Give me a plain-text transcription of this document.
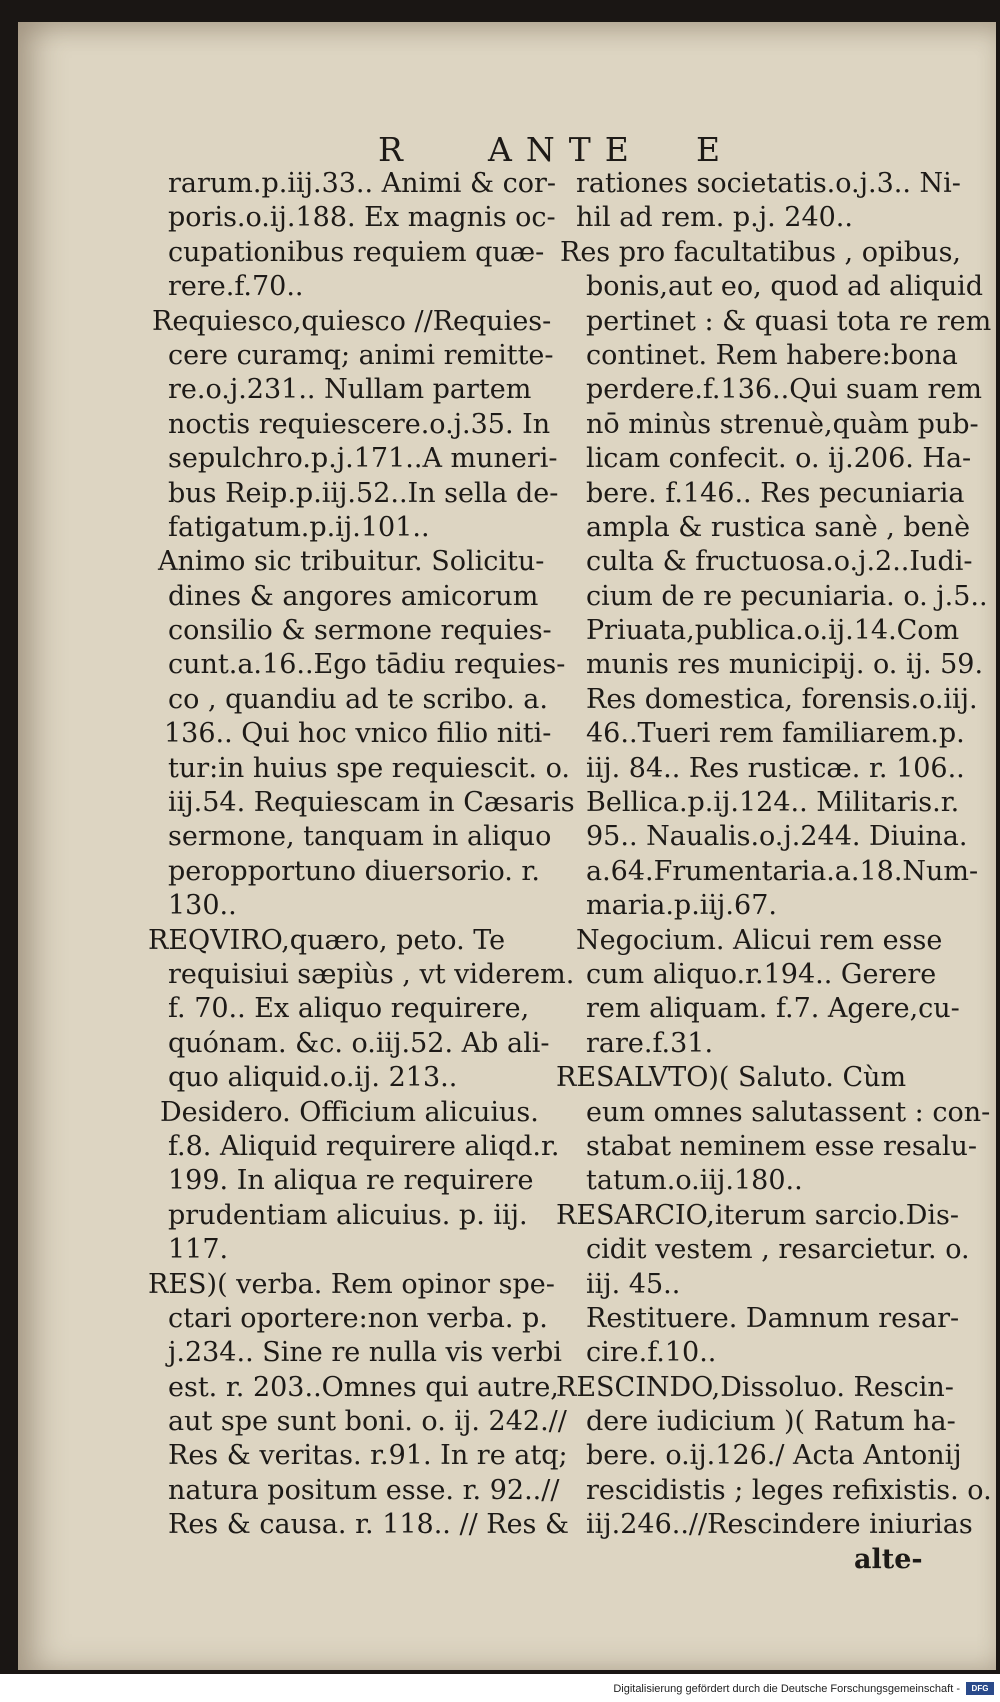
R	ANTE E
rarum.p.iij.33.. Animi & cor-
poris.o.ij.188. Ex magnis oc-
cupationibus requiem quæ-
rere.f.70..
Requiesco,quiesco //Requies-
cere curamq; animi remitte-
re.o.j.231.. Nullam partem
noctis requiescere.o.j.35. In
sepulchro.p.j.171..A muneri-
bus Reip.p.iij.52..In sella de-
fatigatum.p.ij.101..
Animo sic tribuitur. Solicitu-
dines & angores amicorum
consilio & sermone requies-
cunt.a.16..Ego tādiu requies-
co , quandiu ad te scribo. a.
136.. Qui hoc vnico filio niti-
tur:in huius spe requiescit. o.
iij.54. Requiescam in Cæsaris
sermone, tanquam in aliquo
peropportuno diuersorio. r.
130..
REQVIRO,quæro, peto. Te
requisiui sæpiùs , vt viderem.
f. 70.. Ex aliquo requirere,
quónam. &c. o.iij.52. Ab ali-
quo aliquid.o.ij. 213..
Desidero. Officium alicuius.
f.8. Aliquid requirere aliqd.r.
199. In aliqua re requirere
prudentiam alicuius. p. iij.
117.
RES)( verba. Rem opinor spe-
ctari oportere:non verba. p.
j.234.. Sine re nulla vis verbi
est. r. 203..Omnes qui autre,
aut spe sunt boni. o. ij. 242.//
Res & veritas. r.91. In re atq;
natura positum esse. r. 92..//
Res & causa. r. 118.. // Res &
rationes societatis.o.j.3.. Ni-
hil ad rem. p.j. 240..
Res pro facultatibus , opibus,
bonis,aut eo, quod ad aliquid
pertinet : & quasi tota re rem
continet. Rem habere:bona
perdere.f.136..Qui suam rem
nō minùs strenuè,quàm pub-
licam confecit. o. ij.206. Ha-
bere. f.146.. Res pecuniaria
ampla & rustica sanè , benè
culta & fructuosa.o.j.2..Iudi-
cium de re pecuniaria. o. j.5..
Priuata,publica.o.ij.14.Com
munis res municipij. o. ij. 59.
Res domestica, forensis.o.iij.
46..Tueri rem familiarem.p.
iij. 84.. Res rusticæ. r. 106..
Bellica.p.ij.124.. Militaris.r.
95.. Naualis.o.j.244. Diuina.
a.64.Frumentaria.a.18.Num-
maria.p.iij.67.
Negocium. Alicui rem esse
cum aliquo.r.194.. Gerere
rem aliquam. f.7. Agere,cu-
rare.f.31.
RESALVTO)( Saluto. Cùm
eum omnes salutassent : con-
stabat neminem esse resalu-
tatum.o.iij.180..
RESARCIO,iterum sarcio.Dis-
cidit vestem , resarcietur. o.
iij. 45..
Restituere. Damnum resar-
cire.f.10..
RESCINDO,Dissoluo. Rescin-
dere iudicium )( Ratum ha-
bere. o.ij.126./ Acta Antonij
rescidistis ; leges refixistis. o.
iij.246..//Rescindere iniurias
alte-
Digitalisierung gefördert durch die Deutsche Forschungsgemeinschaft -	DFG
